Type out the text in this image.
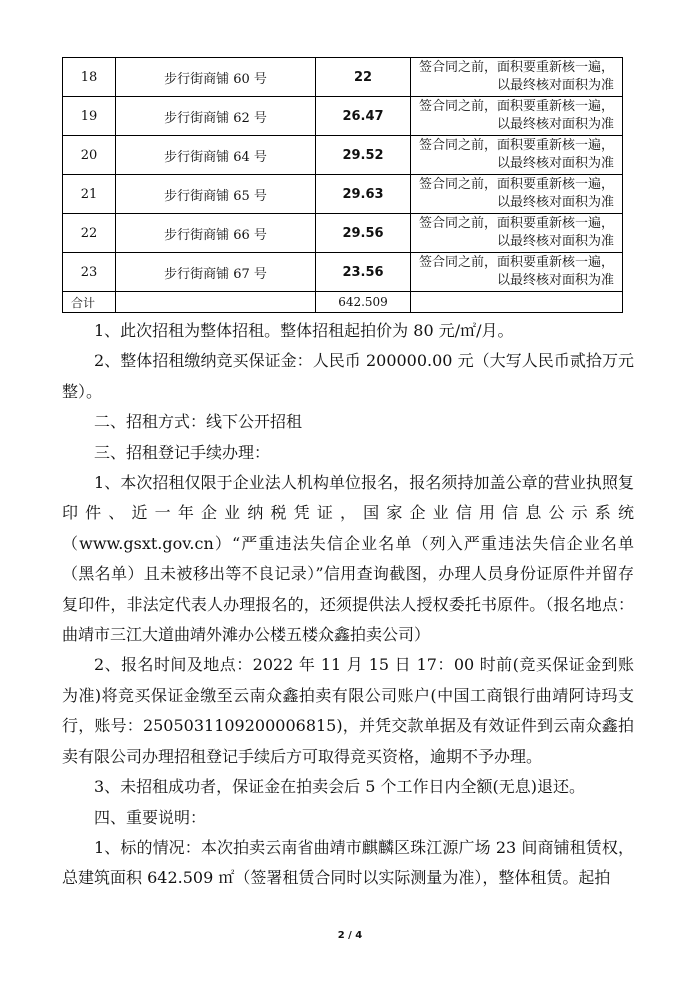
18	步行街商铺 60 号	22	签合同之前，面积要重新核一遍，
以最终核对面积为准

19	步行街商铺 62 号	26.47	签合同之前，面积要重新核一遍，
以最终核对面积为准

20	步行街商铺 64 号	29.52	签合同之前，面积要重新核一遍，
以最终核对面积为准

21	步行街商铺 65 号	29.63	签合同之前，面积要重新核一遍，
以最终核对面积为准

22	步行街商铺 66 号	29.56	签合同之前，面积要重新核一遍，
以最终核对面积为准

23	步行街商铺 67 号	23.56	签合同之前，面积要重新核一遍，
以最终核对面积为准

合计		642.509	

1、此次招租为整体招租。整体招租起拍价为 80 元/㎡/月。

2、整体招租缴纳竞买保证金：人民币 200000.00 元（大写人民币贰拾万元整）。

二、招租方式：线下公开招租

三、招租登记手续办理：

1、本次招租仅限于企业法人机构单位报名，报名须持加盖公章的营业执照复印件、近一年企业纳税凭证，国家企业信用信息公示系统（www.gsxt.gov.cn）“严重违法失信企业名单（列入严重违法失信企业名单（黑名单）且未被移出等不良记录）”信用查询截图，办理人员身份证原件并留存复印件，非法定代表人办理报名的，还须提供法人授权委托书原件。（报名地点：曲靖市三江大道曲靖外滩办公楼五楼众鑫拍卖公司）

2、报名时间及地点：2022 年 11 月 15 日 17：00 时前(竞买保证金到账为准)将竞买保证金缴至云南众鑫拍卖有限公司账户(中国工商银行曲靖阿诗玛支行，账号：2505031109200006815)，并凭交款单据及有效证件到云南众鑫拍卖有限公司办理招租登记手续后方可取得竞买资格，逾期不予办理。

3、未招租成功者，保证金在拍卖会后 5 个工作日内全额(无息)退还。

四、重要说明：

1、标的情况：本次拍卖云南省曲靖市麒麟区珠江源广场 23 间商铺租赁权，总建筑面积 642.509 ㎡（签署租赁合同时以实际测量为准），整体租赁。起拍

2 / 4
